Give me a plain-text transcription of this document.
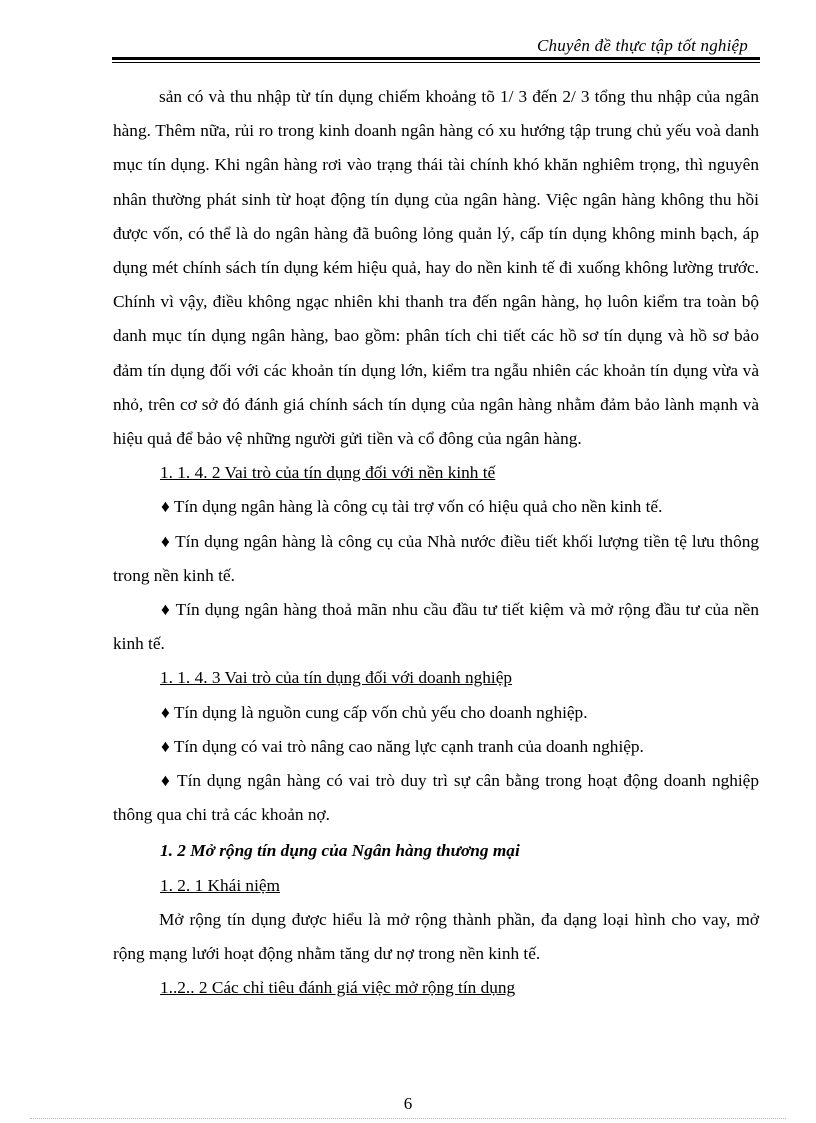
Chuyên đề thực tập tốt nghiệp

sản có và thu nhập từ tín dụng chiếm khoảng tõ 1/ 3 đến 2/ 3 tổng thu nhập của ngân hàng. Thêm nữa, rủi ro trong kinh doanh ngân hàng có xu hướng tập trung chủ yếu voà danh mục tín dụng. Khi ngân hàng rơi vào trạng thái tài chính khó khăn nghiêm trọng, thì nguyên nhân thường phát sinh từ hoạt động tín dụng của ngân hàng. Việc ngân hàng không thu hồi được vốn, có thể là do ngân hàng đã buông lỏng quản lý, cấp tín dụng không minh bạch, áp dụng mét chính sách tín dụng kém hiệu quả, hay do nền kinh tế đi xuống không lường trước. Chính vì vậy, điều không ngạc nhiên khi thanh tra đến ngân hàng, họ luôn kiểm tra toàn bộ danh mục tín dụng ngân hàng, bao gồm: phân tích chi tiết các hồ sơ tín dụng và hồ sơ bảo đảm tín dụng đối với các khoản tín dụng lớn, kiểm tra ngẫu nhiên các khoản tín dụng vừa và nhỏ, trên cơ sở đó đánh giá chính sách tín dụng của ngân hàng nhằm đảm bảo lành mạnh và hiệu quả để bảo vệ những người gửi tiền và cổ đông của ngân hàng.

1. 1. 4. 2 Vai trò của tín dụng đối với nền kinh tế

♦ Tín dụng ngân hàng là công cụ tài trợ vốn có hiệu quả cho nền kinh tế.

♦ Tín dụng ngân hàng là công cụ của Nhà nước điều tiết khối lượng tiền tệ lưu thông trong nền kinh tế.

♦ Tín dụng ngân hàng thoả mãn nhu cầu đầu tư tiết kiệm và mở rộng đầu tư của nền kinh tế.

1. 1. 4. 3 Vai trò của tín dụng đối với doanh nghiệp

♦ Tín dụng là nguồn cung cấp vốn chủ yếu cho doanh nghiệp.

♦ Tín dụng có vai trò nâng cao năng lực cạnh tranh của doanh nghiệp.

♦ Tín dụng ngân hàng có vai trò duy trì sự cân bằng trong hoạt động doanh nghiệp thông qua chi trả các khoản nợ.

1. 2 Mở rộng tín dụng của Ngân hàng thương mại

1. 2. 1 Khái niệm

Mở rộng tín dụng được hiểu là mở rộng thành phần, đa dạng loại hình cho vay, mở rộng mạng lưới hoạt động nhằm tăng dư nợ trong nền kinh tế.

1..2.. 2 Các chỉ tiêu đánh giá việc mở rộng tín dụng

6
